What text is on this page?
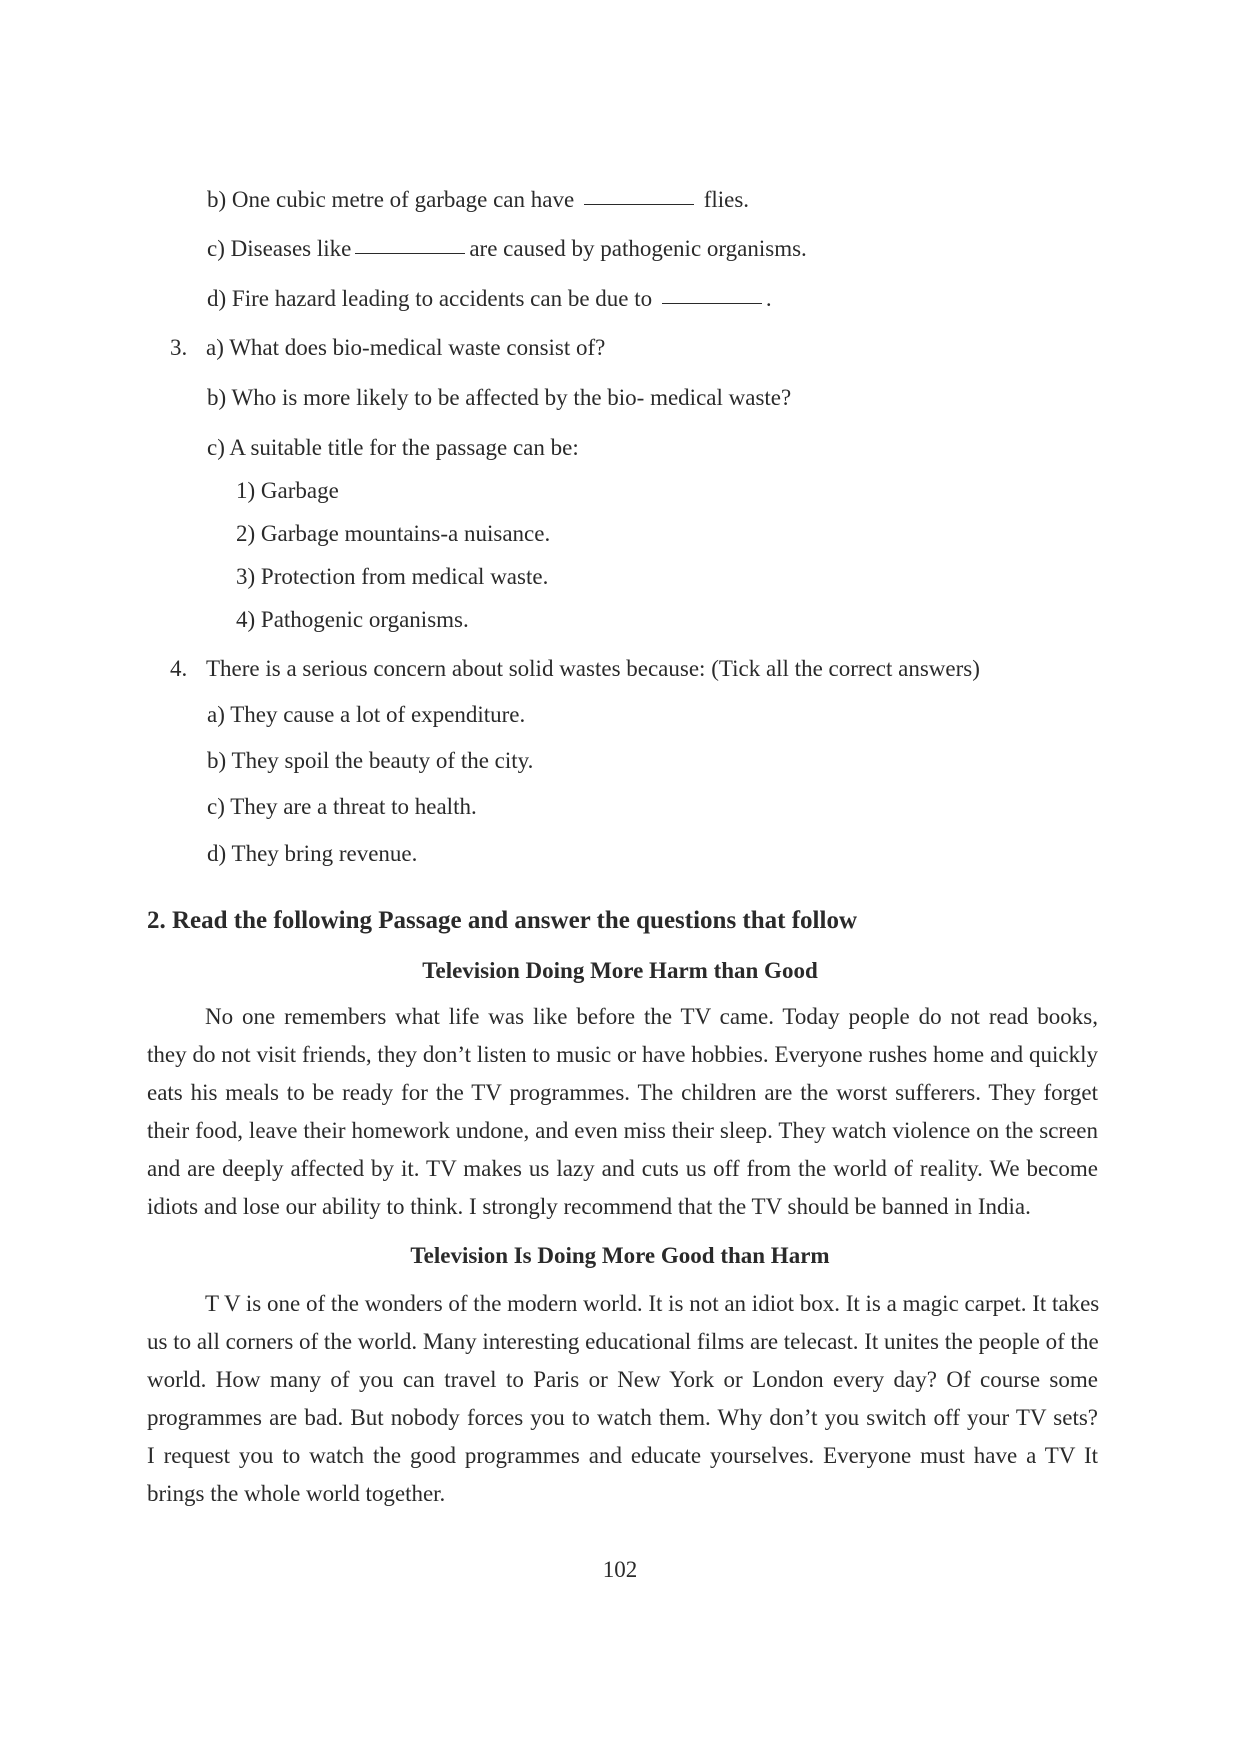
b) One cubic metre of garbage can have	flies.
c) Diseases like	are caused by pathogenic organisms.
d) Fire hazard leading to accidents can be due to	.
3. a) What does bio-medical waste consist of?
b) Who is more likely to be affected by the bio- medical waste?
c) A suitable title for the passage can be:
1) Garbage
2) Garbage mountains-a nuisance.
3) Protection from medical waste.
4) Pathogenic organisms.
4. There is a serious concern about solid wastes because: (Tick all the correct answers)
a) They cause a lot of expenditure.
b) They spoil the beauty of the city.
c) They are a threat to health.
d) They bring revenue.
2. Read the following Passage and answer the questions that follow
Television Doing More Harm than Good
No one remembers what life was like before the TV came. Today people do not read books,
they do not visit friends, they don’t listen to music or have hobbies. Everyone rushes home and quickly
eats his meals to be ready for the TV programmes. The children are the worst sufferers. They forget
their food, leave their homework undone, and even miss their sleep. They watch violence on the screen
and are deeply affected by it. TV makes us lazy and cuts us off from the world of reality. We become
idiots and lose our ability to think. I strongly recommend that the TV should be banned in India.
Television Is Doing More Good than Harm
T V is one of the wonders of the modern world. It is not an idiot box. It is a magic carpet. It takes
us to all corners of the world. Many interesting educational films are telecast. It unites the people of the
world. How many of you can travel to Paris or New York or London every day? Of course some
programmes are bad. But nobody forces you to watch them. Why don’t you switch off your TV sets?
I request you to watch the good programmes and educate yourselves. Everyone must have a TV It
brings the whole world together.
102
